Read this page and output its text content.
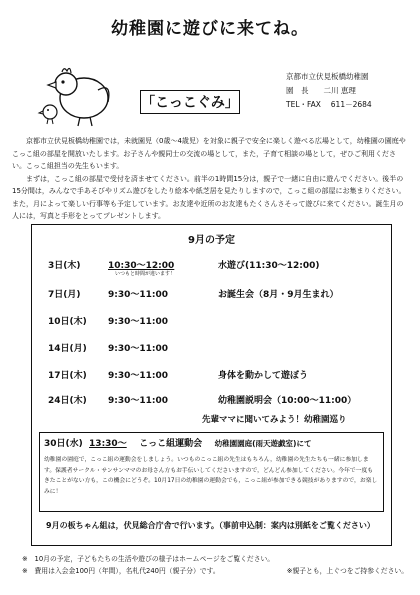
幼稚園に遊びに来てね。
「こっこぐみ」
京都市立伏見板橋幼稚園
園　長　　二川 恵理
TEL・FAX　 611－2684

京都市立伏見板橋幼稚園では，未就園児（0歳～4歳児）を対象に親子で安全に楽しく遊べる広場として，幼稚園の園庭やこっこ組の部屋を開放いたします。お子さんや親同士の交流の場として，また，子育て相談の場として，ぜひご利用ください。こっこ組担当の先生もいます。

まずは，こっこ組の部屋で受付を済ませてください。前半の1時間15分は，親子で一緒に自由に遊んでください。後半の15分間は，みんなで手あそびやリズム遊びをしたり絵本や紙芝居を見たりしますので，こっこ組の部屋にお集まりください。また，月によって楽しい行事等も予定しています。お友達や近所のお友達もたくさんさそって遊びに来てください。誕生月の人には，写真と手形をとってプレゼントします。

9月の予定
3日(木)	10:30～12:00	水遊び(11:30～12:00)
いつもと時間が違います！
7日(月)	9:30～11:00	お誕生会（8月・9月生まれ）
10日(木) 9:30～11:00
14日(月) 9:30～11:00
17日(木) 9:30～11:00	身体を動かして遊ぼう
24日(木) 9:30～11:00	幼稚園説明会（10:00～11:00）
先輩ママに聞いてみよう！幼稚園巡り
30日(水) 13:30～ こっこ組運動会 幼稚園園庭(雨天遊戯室)にて
幼稚園の園庭で，こっこ組の運動会をしましょう。いつものこっこ組の先生はもちろん，幼稚園の先生たちも一緒に参加します。保護者サークル・サンサンママのお母さん方もお手伝いしてくださいますので，どんどん参加してください。今年で一度もきたことがない方も，この機会にどうぞ。10月17日の幼稚園の運動会でも，こっこ組が参加できる競技がありますので，お楽しみに！
9月の板ちゃん組は，伏見総合庁舎で行います。（事前申込制：案内は別紙をご覧ください）
※　10月の予定，子どもたちの生活や遊びの様子はホームページをご覧ください。
※　費用は入会金100円（年間），名札代240円（親子分）です。	※親子とも，上ぐつをご持参ください。
